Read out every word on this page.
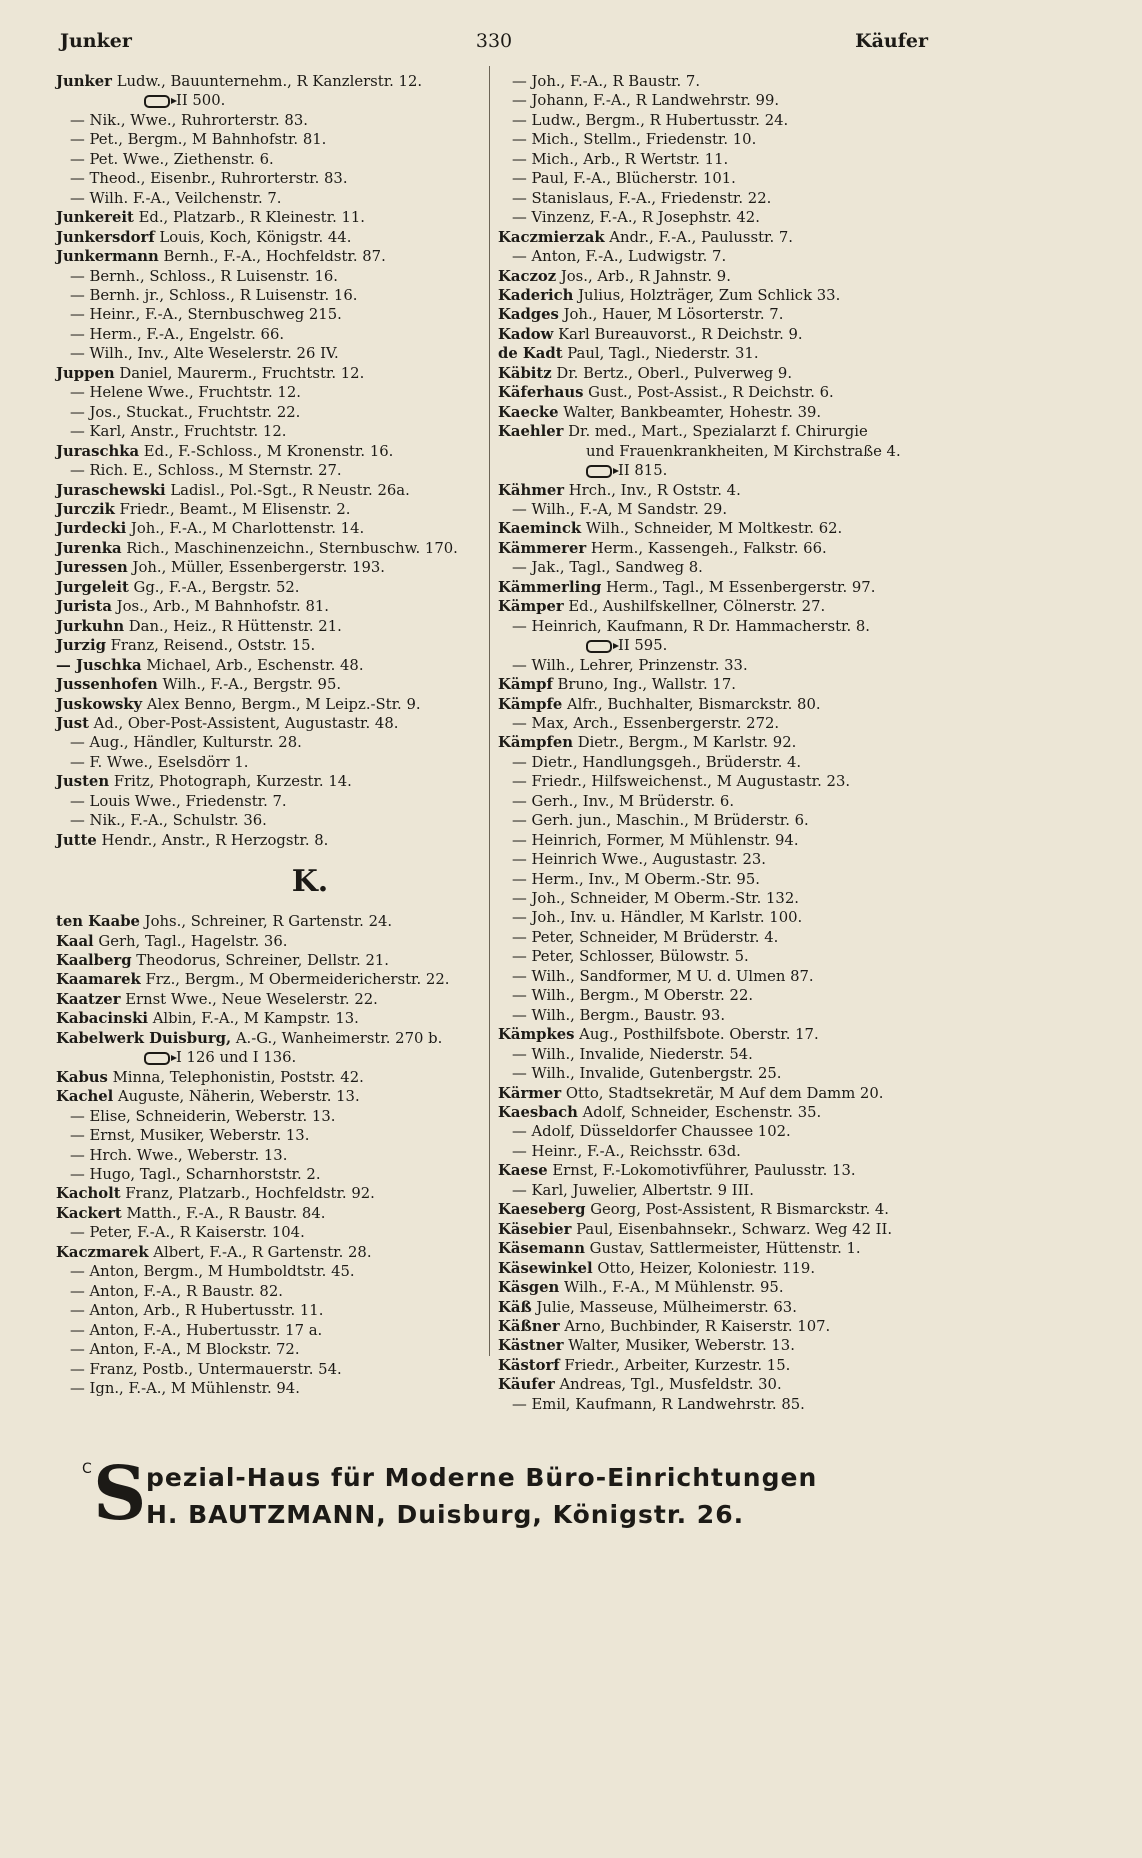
Junker	330	Käufer
Junker Ludw., Bauunternehm., R Kanzlerstr. 12.
II 500.
— Nik., Wwe., Ruhrorterstr. 83.
— Pet., Bergm., M Bahnhofstr. 81.
— Pet. Wwe., Ziethenstr. 6.
— Theod., Eisenbr., Ruhrorterstr. 83.
— Wilh. F.-A., Veilchenstr. 7.
Junkereit Ed., Platzarb., R Kleinestr. 11.
Junkersdorf Louis, Koch, Königstr. 44.
Junkermann Bernh., F.-A., Hochfeldstr. 87.
— Bernh., Schloss., R Luisenstr. 16.
— Bernh. jr., Schloss., R Luisenstr. 16.
— Heinr., F.-A., Sternbuschweg 215.
— Herm., F.-A., Engelstr. 66.
— Wilh., Inv., Alte Weselerstr. 26 IV.
Juppen Daniel, Maurerm., Fruchtstr. 12.
— Helene Wwe., Fruchtstr. 12.
— Jos., Stuckat., Fruchtstr. 22.
— Karl, Anstr., Fruchtstr. 12.
Juraschka Ed., F.-Schloss., M Kronenstr. 16.
— Rich. E., Schloss., M Sternstr. 27.
Juraschewski Ladisl., Pol.-Sgt., R Neustr. 26a.
Jurczik Friedr., Beamt., M Elisenstr. 2.
Jurdecki Joh., F.-A., M Charlottenstr. 14.
Jurenka Rich., Maschinenzeichn., Sternbuschw. 170.
Juressen Joh., Müller, Essenbergerstr. 193.
Jurgeleit Gg., F.-A., Bergstr. 52.
Jurista Jos., Arb., M Bahnhofstr. 81.
Jurkuhn Dan., Heiz., R Hüttenstr. 21.
Jurzig Franz, Reisend., Oststr. 15.
— Juschka Michael, Arb., Eschenstr. 48.
Jussenhofen Wilh., F.-A., Bergstr. 95.
Juskowsky Alex Benno, Bergm., M Leipz.-Str. 9.
Just Ad., Ober-Post-Assistent, Augustastr. 48.
— Aug., Händler, Kulturstr. 28.
— F. Wwe., Eselsdörr 1.
Justen Fritz, Photograph, Kurzestr. 14.
— Louis Wwe., Friedenstr. 7.
— Nik., F.-A., Schulstr. 36.
Jutte Hendr., Anstr., R Herzogstr. 8.
K.
ten Kaabe Johs., Schreiner, R Gartenstr. 24.
Kaal Gerh, Tagl., Hagelstr. 36.
Kaalberg Theodorus, Schreiner, Dellstr. 21.
Kaamarek Frz., Bergm., M Obermeidericherstr. 22.
Kaatzer Ernst Wwe., Neue Weselerstr. 22.
Kabacinski Albin, F.-A., M Kampstr. 13.
Kabelwerk Duisburg, A.-G., Wanheimerstr. 270 b.
I 126 und I 136.
Kabus Minna, Telephonistin, Poststr. 42.
Kachel Auguste, Näherin, Weberstr. 13.
— Elise, Schneiderin, Weberstr. 13.
— Ernst, Musiker, Weberstr. 13.
— Hrch. Wwe., Weberstr. 13.
— Hugo, Tagl., Scharnhorststr. 2.
Kacholt Franz, Platzarb., Hochfeldstr. 92.
Kackert Matth., F.-A., R Baustr. 84.
— Peter, F.-A., R Kaiserstr. 104.
Kaczmarek Albert, F.-A., R Gartenstr. 28.
— Anton, Bergm., M Humboldtstr. 45.
— Anton, F.-A., R Baustr. 82.
— Anton, Arb., R Hubertusstr. 11.
— Anton, F.-A., Hubertusstr. 17 a.
— Anton, F.-A., M Blockstr. 72.
— Franz, Postb., Untermauerstr. 54.
— Ign., F.-A., M Mühlenstr. 94.
— Joh., F.-A., R Baustr. 7.
— Johann, F.-A., R Landwehrstr. 99.
— Ludw., Bergm., R Hubertusstr. 24.
— Mich., Stellm., Friedenstr. 10.
— Mich., Arb., R Wertstr. 11.
— Paul, F.-A., Blücherstr. 101.
— Stanislaus, F.-A., Friedenstr. 22.
— Vinzenz, F.-A., R Josephstr. 42.
Kaczmierzak Andr., F.-A., Paulusstr. 7.
— Anton, F.-A., Ludwigstr. 7.
Kaczoz Jos., Arb., R Jahnstr. 9.
Kaderich Julius, Holzträger, Zum Schlick 33.
Kadges Joh., Hauer, M Lösorterstr. 7.
Kadow Karl Bureauvorst., R Deichstr. 9.
de Kadt Paul, Tagl., Niederstr. 31.
Käbitz Dr. Bertz., Oberl., Pulverweg 9.
Käferhaus Gust., Post-Assist., R Deichstr. 6.
Kaecke Walter, Bankbeamter, Hohestr. 39.
Kaehler Dr. med., Mart., Spezialarzt f. Chirurgie
und Frauenkrankheiten, M Kirchstraße 4.
II 815.
Kähmer Hrch., Inv., R Oststr. 4.
— Wilh., F.-A, M Sandstr. 29.
Kaeminck Wilh., Schneider, M Moltkestr. 62.
Kämmerer Herm., Kassengeh., Falkstr. 66.
— Jak., Tagl., Sandweg 8.
Kämmerling Herm., Tagl., M Essenbergerstr. 97.
Kämper Ed., Aushilfskellner, Cölnerstr. 27.
— Heinrich, Kaufmann, R Dr. Hammacherstr. 8.
II 595.
— Wilh., Lehrer, Prinzenstr. 33.
Kämpf Bruno, Ing., Wallstr. 17.
Kämpfe Alfr., Buchhalter, Bismarckstr. 80.
— Max, Arch., Essenbergerstr. 272.
Kämpfen Dietr., Bergm., M Karlstr. 92.
— Dietr., Handlungsgeh., Brüderstr. 4.
— Friedr., Hilfsweichenst., M Augustastr. 23.
— Gerh., Inv., M Brüderstr. 6.
— Gerh. jun., Maschin., M Brüderstr. 6.
— Heinrich, Former, M Mühlenstr. 94.
— Heinrich Wwe., Augustastr. 23.
— Herm., Inv., M Oberm.-Str. 95.
— Joh., Schneider, M Oberm.-Str. 132.
— Joh., Inv. u. Händler, M Karlstr. 100.
— Peter, Schneider, M Brüderstr. 4.
— Peter, Schlosser, Bülowstr. 5.
— Wilh., Sandformer, M U. d. Ulmen 87.
— Wilh., Bergm., M Oberstr. 22.
— Wilh., Bergm., Baustr. 93.
Kämpkes Aug., Posthilfsbote. Oberstr. 17.
— Wilh., Invalide, Niederstr. 54.
— Wilh., Invalide, Gutenbergstr. 25.
Kärmer Otto, Stadtsekretär, M Auf dem Damm 20.
Kaesbach Adolf, Schneider, Eschenstr. 35.
— Adolf, Düsseldorfer Chaussee 102.
— Heinr., F.-A., Reichsstr. 63d.
Kaese Ernst, F.-Lokomotivführer, Paulusstr. 13.
— Karl, Juwelier, Albertstr. 9 III.
Kaeseberg Georg, Post-Assistent, R Bismarckstr. 4.
Käsebier Paul, Eisenbahnsekr., Schwarz. Weg 42 II.
Käsemann Gustav, Sattlermeister, Hüttenstr. 1.
Käsewinkel Otto, Heizer, Koloniestr. 119.
Käsgen Wilh., F.-A., M Mühlenstr. 95.
Käß Julie, Masseuse, Mülheimerstr. 63.
Käßner Arno, Buchbinder, R Kaiserstr. 107.
Kästner Walter, Musiker, Weberstr. 13.
Kästorf Friedr., Arbeiter, Kurzestr. 15.
Käufer Andreas, Tgl., Musfeldstr. 30.
— Emil, Kaufmann, R Landwehrstr. 85.
C S pezial-Haus für Moderne Büro-Einrichtungen
H. BAUTZMANN, Duisburg, Königstr. 26.
